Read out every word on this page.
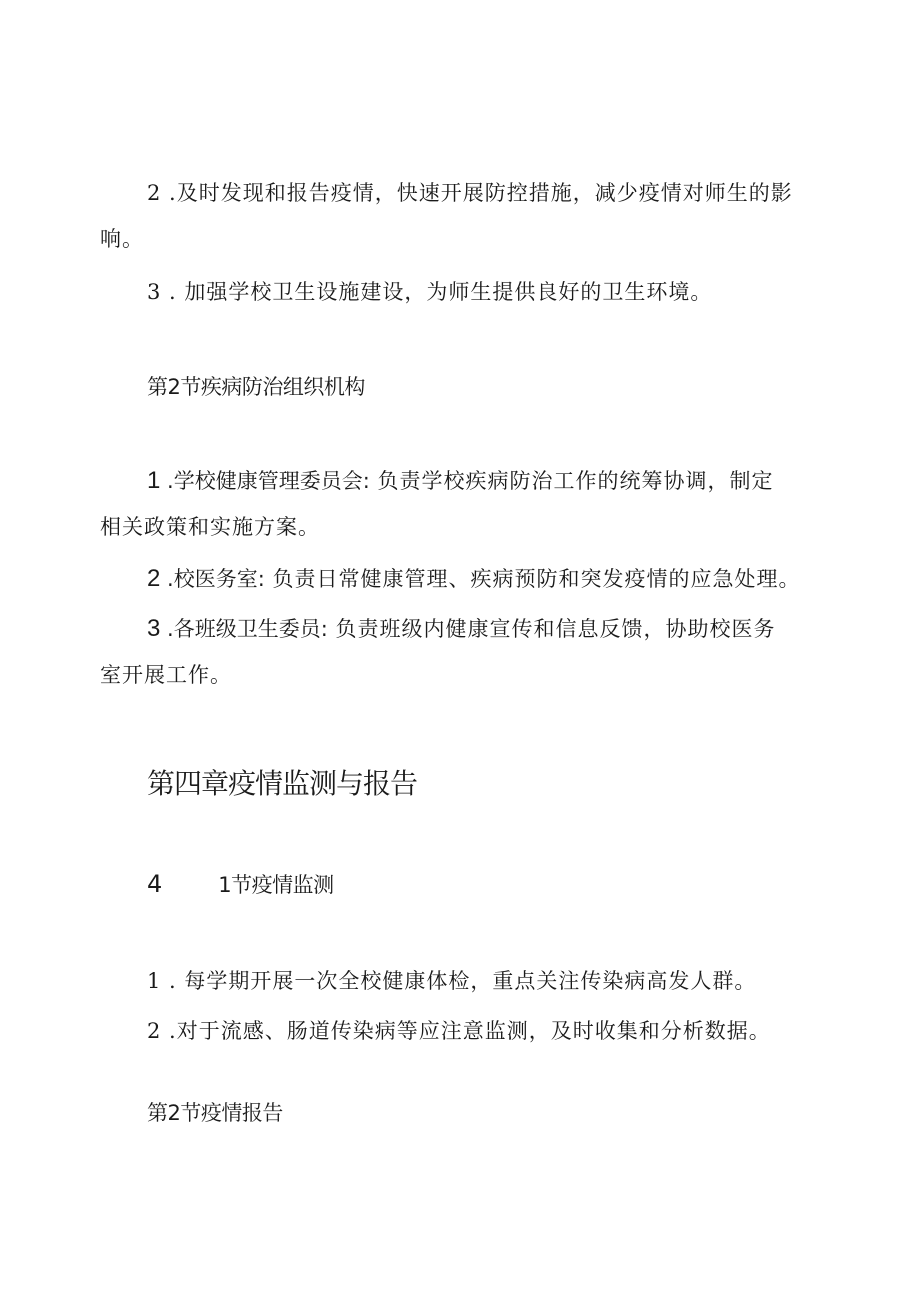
2 .及时发现和报告疫情，快速开展防控措施，减少疫情对师生的影
响。

3 . 加强学校卫生设施建设，为师生提供良好的卫生环境。

第2节疾病防治组织机构

1 .学校健康管理委员会: 负责学校疾病防治工作的统筹协调，制定
相关政策和实施方案。

2 .校医务室: 负责日常健康管理、疾病预防和突发疫情的应急处理。

3 .各班级卫生委员: 负责班级内健康宣传和信息反馈，协助校医务
室开展工作。

第四章疫情监测与报告

4	1节疫情监测

1 . 每学期开展一次全校健康体检，重点关注传染病高发人群。

2 .对于流感、肠道传染病等应注意监测，及时收集和分析数据。

第2节疫情报告
